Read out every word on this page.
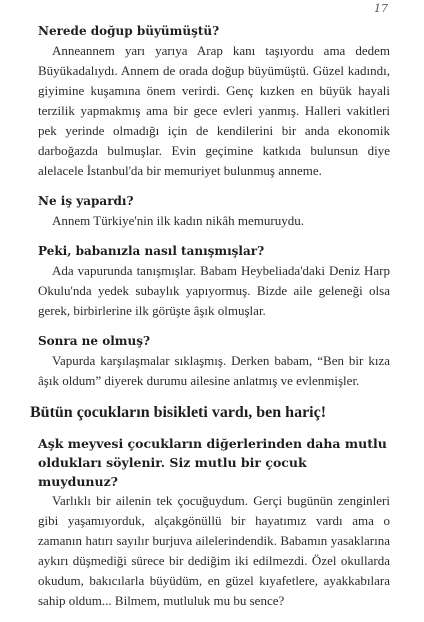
17

Nerede doğup büyümüştü?

Anneannem yarı yarıya Arap kanı taşıyordu ama dedem Büyükadalıydı. Annem de orada doğup büyümüştü. Güzel kadındı, giyimine kuşamına önem verirdi. Genç kızken en büyük hayali terzilik yapmakmış ama bir gece evleri yanmış. Halleri vakitleri pek yerinde olmadığı için de kendilerini bir anda ekonomik darboğazda bulmuşlar. Evin geçimine katkıda bulunsun diye alelacele İstanbul'da bir memuriyet bulunmuş anneme.

Ne iş yapardı?

Annem Türkiye'nin ilk kadın nikâh memuruydu.

Peki, babanızla nasıl tanışmışlar?

Ada vapurunda tanışmışlar. Babam Heybeliada'daki Deniz Harp Okulu'nda yedek subaylık yapıyormuş. Bizde aile geleneği olsa gerek, birbirlerine ilk görüşte âşık olmuşlar.

Sonra ne olmuş?

Vapurda karşılaşmalar sıklaşmış. Derken babam, “Ben bir kıza âşık oldum” diyerek durumu ailesine anlatmış ve evlenmişler.

Bütün çocukların bisikleti vardı, ben hariç!

Aşk meyvesi çocukların diğerlerinden daha mutlu oldukları söylenir. Siz mutlu bir çocuk muydunuz?

Varlıklı bir ailenin tek çocuğuydum. Gerçi bugünün zenginleri gibi yaşamıyorduk, alçakgönüllü bir hayatımız vardı ama o zamanın hatırı sayılır burjuva ailelerindendik. Babamın yasaklarına aykırı düşmediği sürece bir dediğim iki edilmezdi. Özel okullarda okudum, bakıcılarla büyüdüm, en güzel kıyafetlere, ayakkabılara sahip oldum... Bilmem, mutluluk mu bu sence?
